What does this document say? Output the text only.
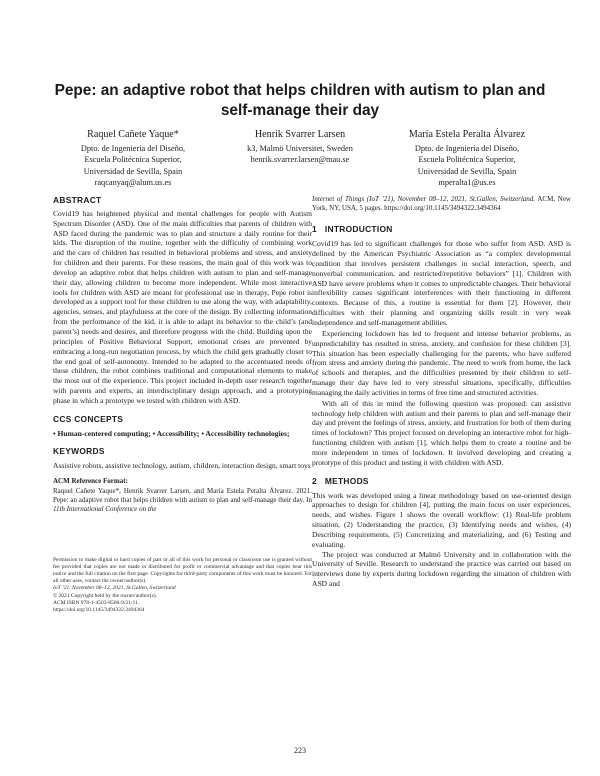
Pepe: an adaptive robot that helps children with autism to plan and self-manage their day
Raquel Cañete Yaque*
Dpto. de Ingeniería del Diseño,
Escuela Politécnica Superior,
Universidad de Sevilla, Spain
raqcanyaq@alum.us.es
Henrik Svarrer Larsen
k3, Malmö Universitet, Sweden
henrik.svarrer.larsen@mau.se
María Estela Peralta Álvarez
Dpto. de Ingeniería del Diseño,
Escuela Politécnica Superior,
Universidad de Sevilla, Spain
mperalta1@us.es
ABSTRACT
Covid19 has heightened physical and mental challenges for people with Autism Spectrum Disorder (ASD). One of the main difficulties that parents of children with ASD faced during the pandemic was to plan and structure a daily routine for their kids. The disruption of the routine, together with the difficulty of combining work and the care of children has resulted in behavioral problems and stress, and anxiety for children and their parents. For these reasons, the main goal of this work was to develop an adaptive robot that helps children with autism to plan and self-manage their day, allowing children to become more independent. While most interactive tools for children with ASD are meant for professional use in therapy, Pepe robot is developed as a support tool for these children to use along the way, with adaptability, agencies, senses, and playfulness at the core of the design. By collecting information from the performance of the kid, it is able to adapt its behavior to the child’s (and parent’s) needs and desires, and therefore progress with the child. Building upon the principles of Positive Behavioral Support, emotional crises are prevented by embracing a long-run negotiation process, by which the child gets gradually closer to the end goal of self-autonomy. Intended to be adapted to the accentuated needs of these children, the robot combines traditional and computational elements to make the most out of the experience. This project included in-depth user research together with parents and experts, an interdisciplinary design approach, and a prototyping phase in which a prototype we tested with children with ASD.
CCS CONCEPTS
• Human-centered computing; • Accessibility; • Accessibility technologies;
KEYWORDS
Assistive robots, assistive technology, autism, children, interaction design, smart toys
ACM Reference Format:
Raquel Cañete Yaque*, Henrik Svarrer Larsen, and María Estela Peralta Álvarez. 2021. Pepe: an adaptive robot that helps children with autism to plan and self-manage their day. In 11th International Conference on the
Permission to make digital or hard copies of part or all of this work for personal or classroom use is granted without fee provided that copies are not made or distributed for profit or commercial advantage and that copies bear this notice and the full citation on the first page. Copyrights for third-party components of this work must be honored. For all other uses, contact the owner/author(s).
IoT ’21, November 08–12, 2021, St.Gallen, Switzerland
© 2021 Copyright held by the owner/author(s).
ACM ISBN 978-1-4503-8566-9/21/11.
https://doi.org/10.1145/3494322.3494364
Internet of Things (IoT ’21), November 08–12, 2021, St.Gallen, Switzerland. ACM, New York, NY, USA, 5 pages. https://doi.org/10.1145/3494322.3494364
1   INTRODUCTION
Covid19 has led to significant challenges for those who suffer from ASD. ASD is defined by the American Psychiatric Association as “a complex developmental condition that involves persistent challenges in social interaction, speech, and nonverbal communication, and restricted/repetitive behaviors” [1]. Children with ASD have severe problems when it comes to unpredictable changes. Their behavioral inflexibility causes significant interferences with their functioning in different contexts. Because of this, a routine is essential for them [2]. However, their difficulties with their planning and organizing skills result in very weak independence and self-management abilities.
Experiencing lockdown has led to frequent and intense behavior problems, as unpredictability has resulted in stress, anxiety, and confusion for these children [3]. This situation has been especially challenging for the parents, who have suffered from stress and anxiety during the pandemic. The need to work from home, the lack of schools and therapies, and the difficulties presented by their children to self-manage their day have led to very stressful situations, specifically, difficulties managing the daily activities in terms of free time and structured activities.
With all of this in mind the following question was proposed: can assistive technology help children with autism and their parents to plan and self-manage their day and prevent the feelings of stress, anxiety, and frustration for both of them during times of lockdown? This project focused on developing an interactive robot for high-functioning children with autism [1], which helps them to create a routine and be more independent in times of lockdown. It involved developing and creating a prototype of this product and testing it with children with ASD.
2   METHODS
This work was developed using a linear methodology based on use-oriented design approaches to design for children [4], putting the main focus on user experiences, needs, and wishes. Figure 1 shows the overall workflow: (1) Real-life problem situation, (2) Understanding the practice, (3) Identifying needs and wishes, (4) Describing requirements, (5) Concretizing and materializing, and (6) Testing and evaluating.
The project was conducted at Malmö University and in collaboration with the University of Seville. Research to understand the practice was carried out based on interviews done by experts during lockdown regarding the situation of children with ASD and
223
